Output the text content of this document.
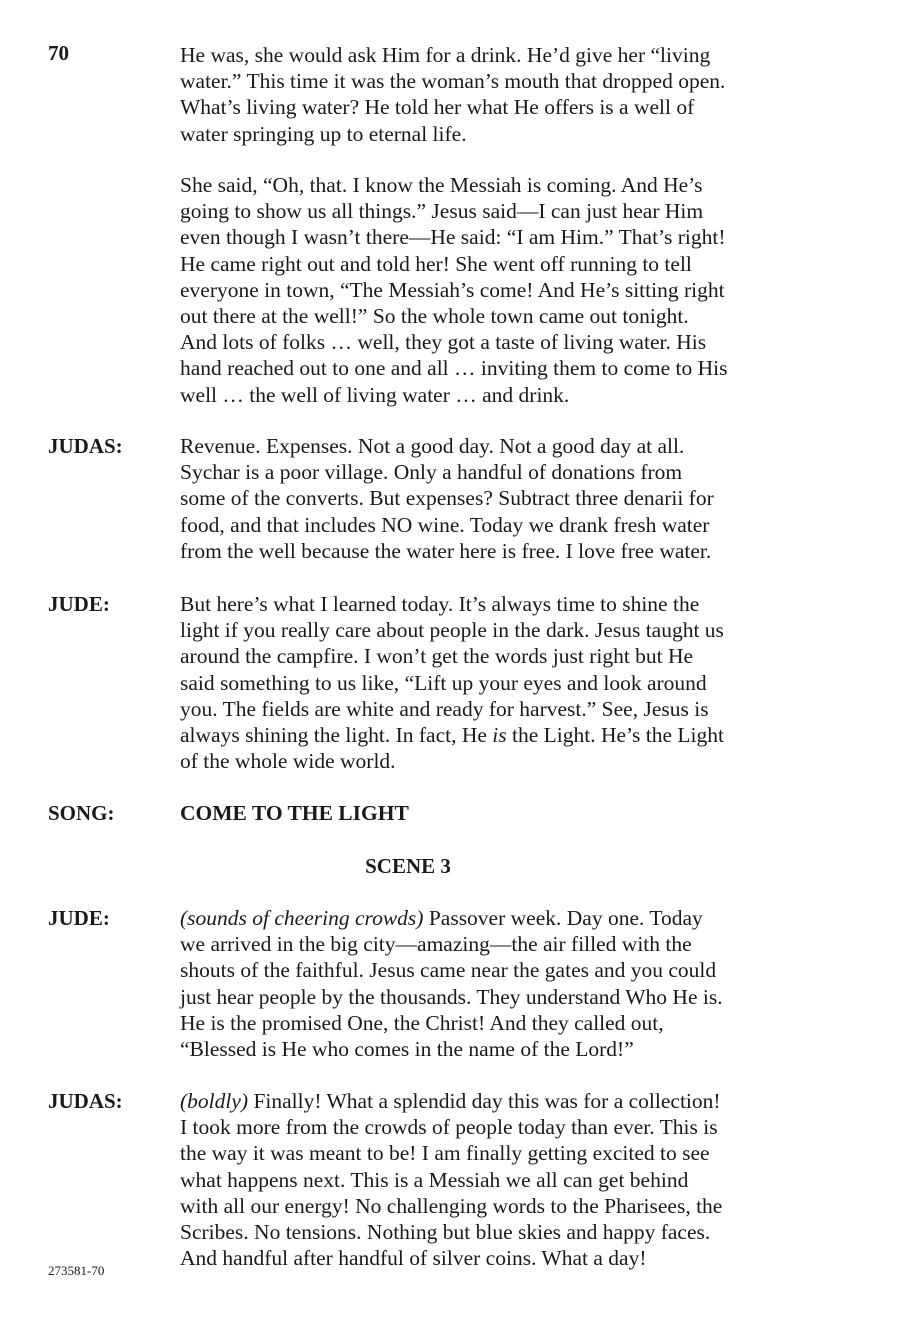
70	He was, she would ask Him for a drink. He’d give her “living
water.” This time it was the woman’s mouth that dropped open.
What’s living water? He told her what He offers is a well of
water springing up to eternal life.
She said, “Oh, that. I know the Messiah is coming. And He’s
going to show us all things.” Jesus said—I can just hear Him
even though I wasn’t there—He said: “I am Him.” That’s right!
He came right out and told her! She went off running to tell
everyone in town, “The Messiah’s come! And He’s sitting right
out there at the well!” So the whole town came out tonight.
And lots of folks … well, they got a taste of living water. His
hand reached out to one and all … inviting them to come to His
well … the well of living water … and drink.
JUDAS:	Revenue. Expenses. Not a good day. Not a good day at all.
Sychar is a poor village. Only a handful of donations from
some of the converts. But expenses? Subtract three denarii for
food, and that includes NO wine. Today we drank fresh water
from the well because the water here is free. I love free water.
JUDE:	But here’s what I learned today. It’s always time to shine the
light if you really care about people in the dark. Jesus taught us
around the campfire. I won’t get the words just right but He
said something to us like, “Lift up your eyes and look around
you. The fields are white and ready for harvest.” See, Jesus is
always shining the light. In fact, He is the Light. He’s the Light
of the whole wide world.
SONG:	COME TO THE LIGHT
SCENE 3
JUDE:	(sounds of cheering crowds) Passover week. Day one. Today
we arrived in the big city—amazing—the air filled with the
shouts of the faithful. Jesus came near the gates and you could
just hear people by the thousands. They understand Who He is.
He is the promised One, the Christ! And they called out,
“Blessed is He who comes in the name of the Lord!”
JUDAS:	(boldly) Finally! What a splendid day this was for a collection!
I took more from the crowds of people today than ever. This is
the way it was meant to be! I am finally getting excited to see
what happens next. This is a Messiah we all can get behind
with all our energy! No challenging words to the Pharisees, the
Scribes. No tensions. Nothing but blue skies and happy faces.
And handful after handful of silver coins. What a day!
273581-70
